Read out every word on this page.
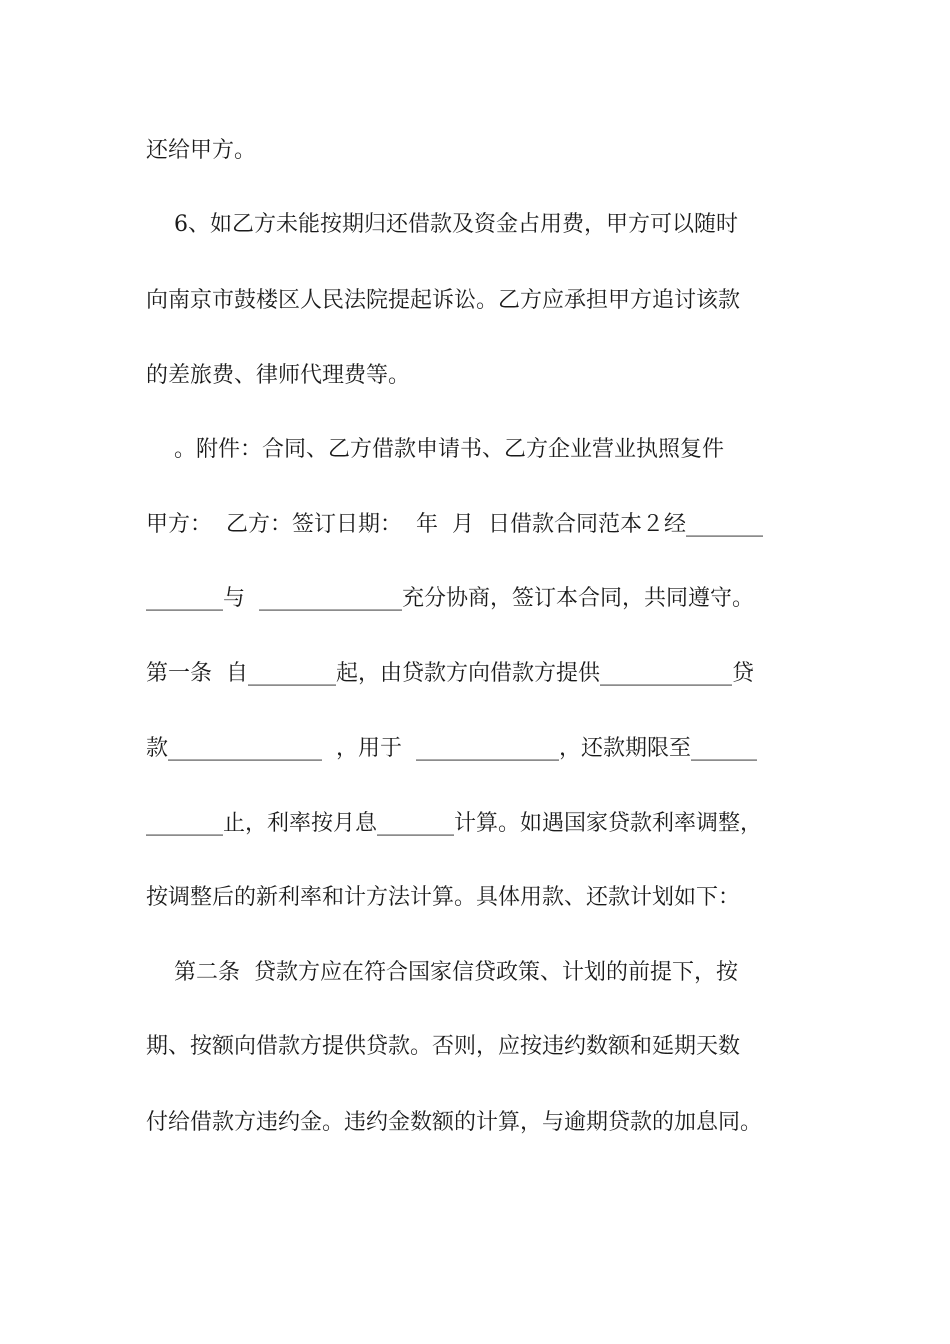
还给甲方。
6、如乙方未能按期归还借款及资金占用费，甲方可以随时
向南京市鼓楼区人民法院提起诉讼。乙方应承担甲方追讨该款
的差旅费、律师代理费等。
。附件：合同、乙方借款申请书、乙方企业营业执照复件
甲方：  乙方：签订日期：  年  月  日借款合同范本２经_______
_______与  _____________充分协商，签订本合同，共同遵守。
第一条  自________起，由贷款方向借款方提供____________贷
款______________  ，用于  _____________，还款期限至______
_______止，利率按月息_______计算。如遇国家贷款利率调整，
按调整后的新利率和计方法计算。具体用款、还款计划如下：
第二条  贷款方应在符合国家信贷政策、计划的前提下，按
期、按额向借款方提供贷款。否则，应按违约数额和延期天数
付给借款方违约金。违约金数额的计算，与逾期贷款的加息同。
